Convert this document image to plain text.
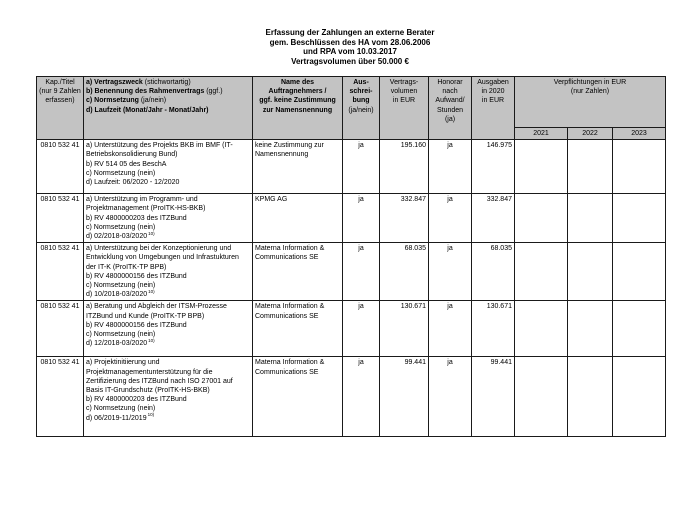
Erfassung der Zahlungen an externe Berater
gem. Beschlüssen des HA vom 28.06.2006
und RPA vom 10.03.2017
Vertragsvolumen über 50.000 €
Kap./Titel
(nur 9 Zahlen
erfassen)	a) Vertragszweck (stichwortartig)
b) Benennung des Rahmenvertrags (ggf.)
c) Normsetzung (ja/nein)
d) Laufzeit (Monat/Jahr - Monat/Jahr)	Name des
Auftragnehmers /
ggf. keine Zustimmung
zur Namensnennung	Aus-
schrei-
bung
(ja/nein)	Vertrags-
volumen
in EUR	Honorar
nach
Aufwand/
Stunden
(ja)	Ausgaben
in 2020
in EUR	Verpflichtungen in EUR
(nur Zahlen)		

							2021	2022	2023
0810 532 41	a) Unterstützung des Projekts BKB im BMF (IT-Betriebskonsolidierung Bund)
b) RV 514 05 des BeschA
c) Normsetzung (nein)
d) Laufzeit: 06/2020 - 12/2020	keine Zustimmung zur Namensnennung	ja	195.160	ja	146.975			
0810 532 41	a) Unterstützung im Programm- und Projektmanagement (ProITK-HS-BKB)
b) RV 4800000203 des ITZBund
c) Normsetzung (nein)
d) 02/2018-03/2020$^{10)}$	KPMG AG	ja	332.847	ja	332.847			
0810 532 41	a) Unterstützung bei der Konzeptionierung und Entwicklung von Umgebungen und Infrastukturen der IT-K (ProITK-TP BPB)
b) RV 4800000156 des ITZBund
c) Normsetzung (nein)
d) 10/2018-03/2020$^{10)}$	Materna Information & Communications SE	ja	68.035	ja	68.035			
0810 532 41	a) Beratung und Abgleich der ITSM-Prozesse ITZBund und Kunde (ProITK-TP BPB)
b) RV 4800000156 des ITZBund
c) Normsetzung (nein)
d) 12/2018-03/2020$^{10)}$	Materna Information & Communications SE	ja	130.671	ja	130.671			
0810 532 41	a) Projektinitiierung und Projektmanagementunterstützung für die Zertifizierung des ITZBund nach ISO 27001 auf Basis IT-Grundschutz (ProITK-HS-BKB)
b) RV 4800000203 des ITZBund
c) Normsetzung (nein)
d) 06/2019-11/2019$^{10)}$	Materna Information & Communications SE	ja	99.441	ja	99.441			
